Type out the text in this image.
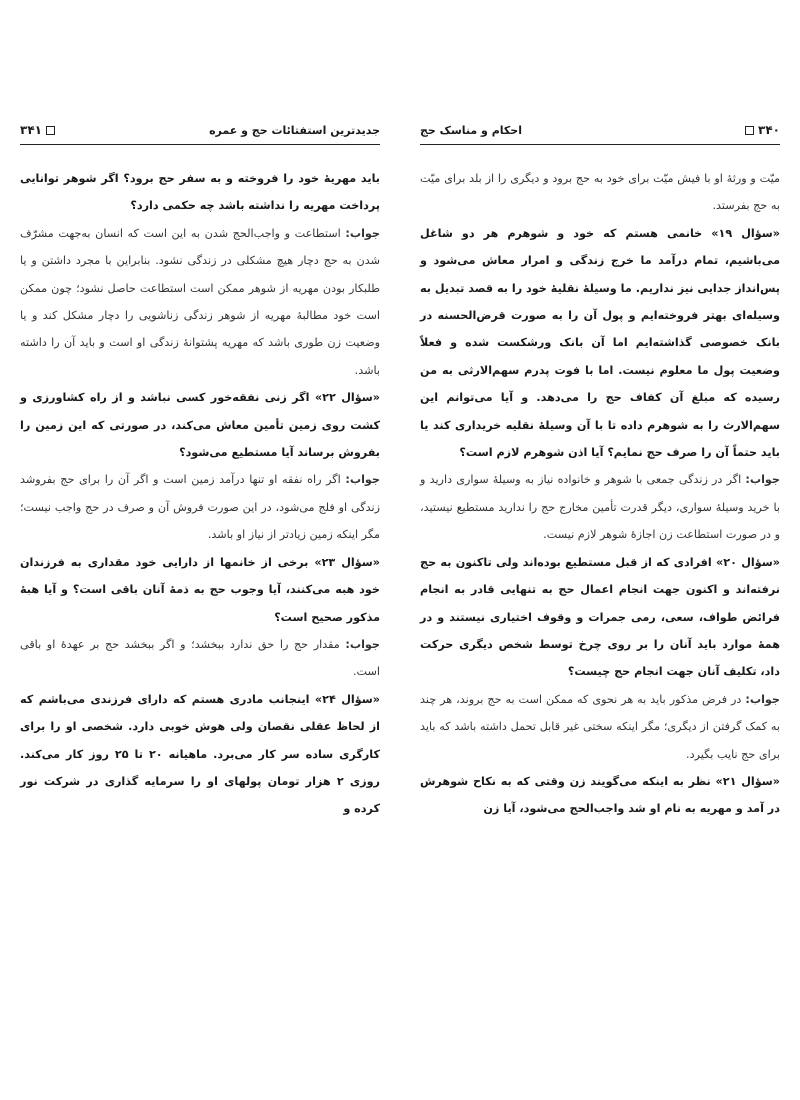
جدیدترین استفتائات حج و عمره
۳۴۱

باید مهریهٔ خود را فروخته و به سفر حج برود؟ اگر شوهر توانایی پرداخت مهریه را نداشته باشد چه حکمی دارد؟

جواب: استطاعت و واجب‌الحج شدن به این است که انسان به‌جهت مشرّف شدن به حج دچار هیچ مشکلی در زندگی نشود. بنابراین با مجرد داشتن و یا طلبکار بودن مهریه از شوهر ممکن است استطاعت حاصل نشود؛ چون ممکن است خود مطالبهٔ مهریه از شوهر زندگی زناشویی را دچار مشکل کند و یا وضعیت زن طوری باشد که مهریه پشتوانهٔ زندگی او است و باید آن را داشته باشد.

«سؤال ۲۲» اگر زنی نفقه‌خور کسی نباشد و از راه کشاورزی و کشت روی زمین تأمین معاش می‌کند، در صورتی که این زمین را بفروش برساند آیا مستطیع می‌شود؟

جواب: اگر راه نفقه او تنها درآمد زمین است و اگر آن را برای حج بفروشد زندگی او فلج می‌شود، در این صورت فروش آن و صرف در حج واجب نیست؛ مگر اینکه زمین زیادتر از نیاز او باشد.

«سؤال ۲۳» برخی از خانمها از دارایی خود مقداری به فرزندان خود هبه می‌کنند، آیا وجوب حج به ذمهٔ آنان باقی است؟ و آیا هبهٔ مذکور صحیح است؟

جواب: مقدار حج را حق ندارد ببخشد؛ و اگر ببخشد حج بر عهدهٔ او باقی است.

«سؤال ۲۴» اینجانب مادری هستم که دارای فرزندی می‌باشم که از لحاظ عقلی نقصان ولی هوش خوبی دارد. شخصی او را برای کارگری ساده سر کار می‌برد. ماهیانه ۲۰ تا ۲۵ روز کار می‌کند. روزی ۲ هزار تومان پولهای او را سرمایه گذاری در شرکت نور کرده و

احکام و مناسک حج	۳۴۰

میّت و ورثهٔ او با فیش میّت برای خود به حج برود و دیگری را از بلد برای میّت به حج بفرستد.

«سؤال ۱۹» خانمی هستم که خود و شوهرم هر دو شاغل می‌باشیم، تمام درآمد ما خرج زندگی و امرار معاش می‌شود و پس‌انداز جدایی نیز نداریم. ما وسیلهٔ نقلیهٔ خود را به قصد تبدیل به وسیله‌ای بهتر فروخته‌ایم و پول آن را به صورت قرض‌الحسنه در بانک خصوصی گذاشته‌ایم اما آن بانک ورشکست شده و فعلاً وضعیت پول ما معلوم نیست. اما با فوت پدرم سهم‌الارثی به من رسیده که مبلغ آن کفاف حج را می‌دهد. و آیا می‌توانم این سهم‌الارث را به شوهرم داده تا با آن وسیلهٔ نقلیه خریداری کند یا باید حتماً آن را صرف حج نمایم؟ آیا اذن شوهرم لازم است؟

جواب: اگر در زندگی جمعی با شوهر و خانواده نیاز به وسیلهٔ سواری دارید و با خرید وسیلهٔ سواری، دیگر قدرت تأمین مخارج حج را ندارید مستطیع نیستید، و در صورت استطاعت زن اجازهٔ شوهر لازم نیست.

«سؤال ۲۰» افرادی که از قبل مستطیع بوده‌اند ولی تاکنون به حج نرفته‌اند و اکنون جهت انجام اعمال حج به تنهایی قادر به انجام فرائض طواف، سعی، رمی جمرات و وقوف اختیاری نیستند و در همهٔ موارد باید آنان را بر روی چرخ توسط شخص دیگری حرکت داد، تکلیف آنان جهت انجام حج چیست؟

جواب: در فرض مذکور باید به هر نحوی که ممکن است به حج بروند، هر چند به کمک گرفتن از دیگری؛ مگر اینکه سختی غیر قابل تحمل داشته باشد که باید برای حج نایب بگیرد.

«سؤال ۲۱» نظر به اینکه می‌گویند زن وقتی که به نکاح شوهرش در آمد و مهریه به نام او شد واجب‌الحج می‌شود، آیا زن
